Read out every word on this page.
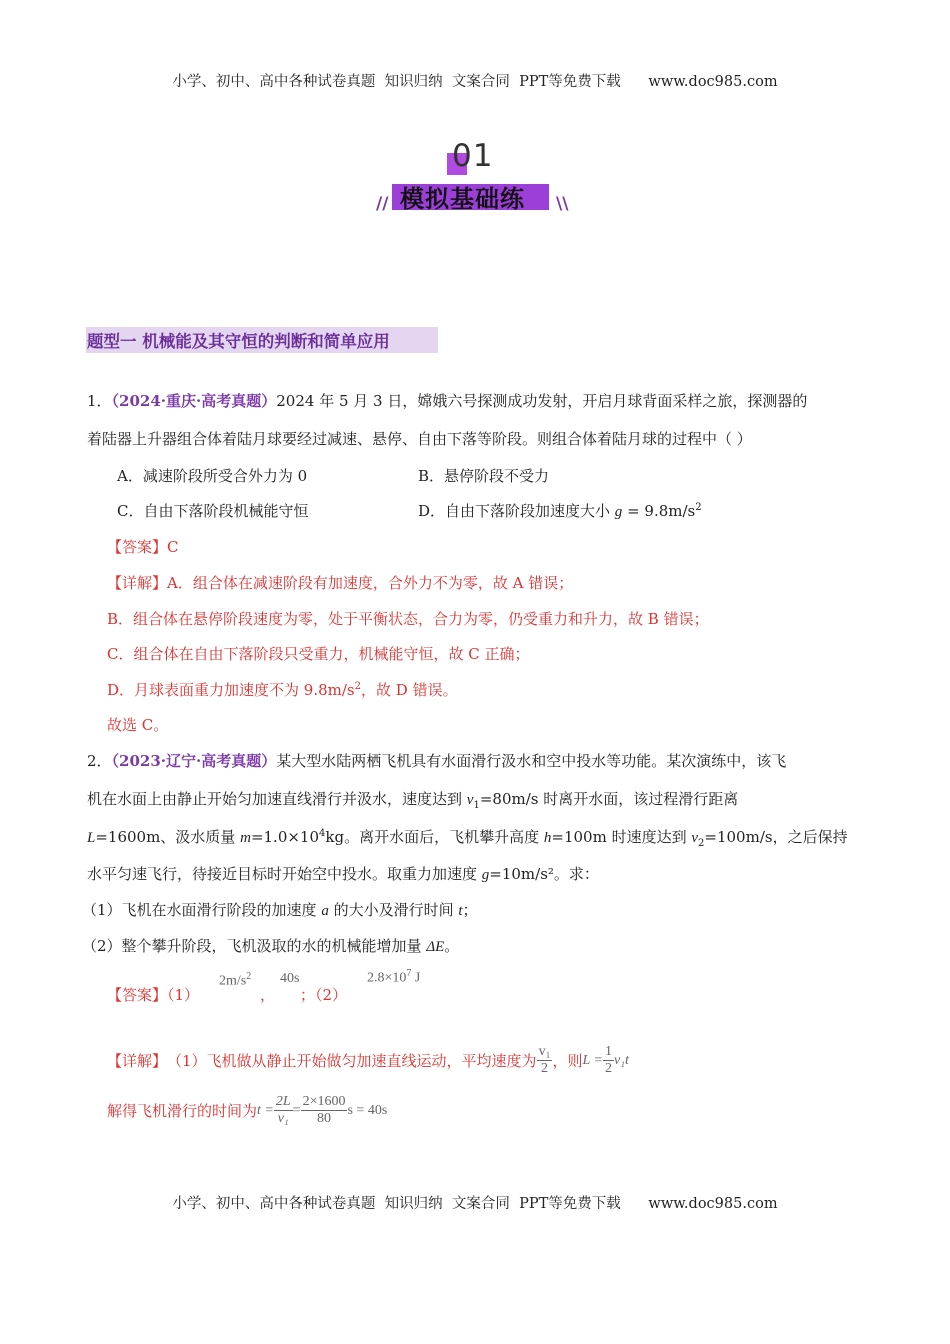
小学、初中、高中各种试卷真题  知识归纳  文案合同  PPT等免费下载 www.doc985.com
01
模拟基础练
//	\\
题型一 机械能及其守恒的判断和简单应用
1．（2024·重庆·高考真题）2024 年 5 月 3 日，嫦娥六号探测成功发射，开启月球背面采样之旅，探测器的
着陆器上升器组合体着陆月球要经过减速、悬停、自由下落等阶段。则组合体着陆月球的过程中（ ）
A．减速阶段所受合外力为 0	B．悬停阶段不受力
C．自由下落阶段机械能守恒	D．自由下落阶段加速度大小 $g = 9.8m/s^2$
【答案】C
【详解】A．组合体在减速阶段有加速度，合外力不为零，故 A 错误；
B．组合体在悬停阶段速度为零，处于平衡状态，合力为零，仍受重力和升力，故 B 错误；
C．组合体在自由下落阶段只受重力，机械能守恒，故 C 正确；
D．月球表面重力加速度不为 $9.8m/s^2$，故 D 错误。
故选 C。
2．（2023·辽宁·高考真题）某大型水陆两栖飞机具有水面滑行汲水和空中投水等功能。某次演练中，该飞
机在水面上由静止开始匀加速直线滑行并汲水，速度达到 $v_1=80m/s$ 时离开水面，该过程滑行距离
L=1600m、汲水质量 $m=1.0\times 10^4kg$。离开水面后，飞机攀升高度 h=100m 时速度达到 $v_2=100m/s$，之后保持
水平匀速飞行，待接近目标时开始空中投水。取重力加速度 g=10m/s²。求：
（1）飞机在水面滑行阶段的加速度 a 的大小及滑行时间 t；
（2）整个攀升阶段，飞机汲取的水的机械能增加量 ΔE。
【答案】（1）
$2m/s^2$
，
40s
；（2）
$2.8\times 10^7$ J
【详解】 （1）飞机做从静止开始做匀加速直线运动，平均速度为 $\frac{\text{v₁}}{2}$ ，则 $L = \frac{1}{2} v_1t$
解得飞机滑行的时间为 $t = \frac{2L}{\text{v₁}} = \frac{2\times 1600}{80}$ s = 40s
小学、初中、高中各种试卷真题  知识归纳  文案合同  PPT等免费下载 www.doc985.com
